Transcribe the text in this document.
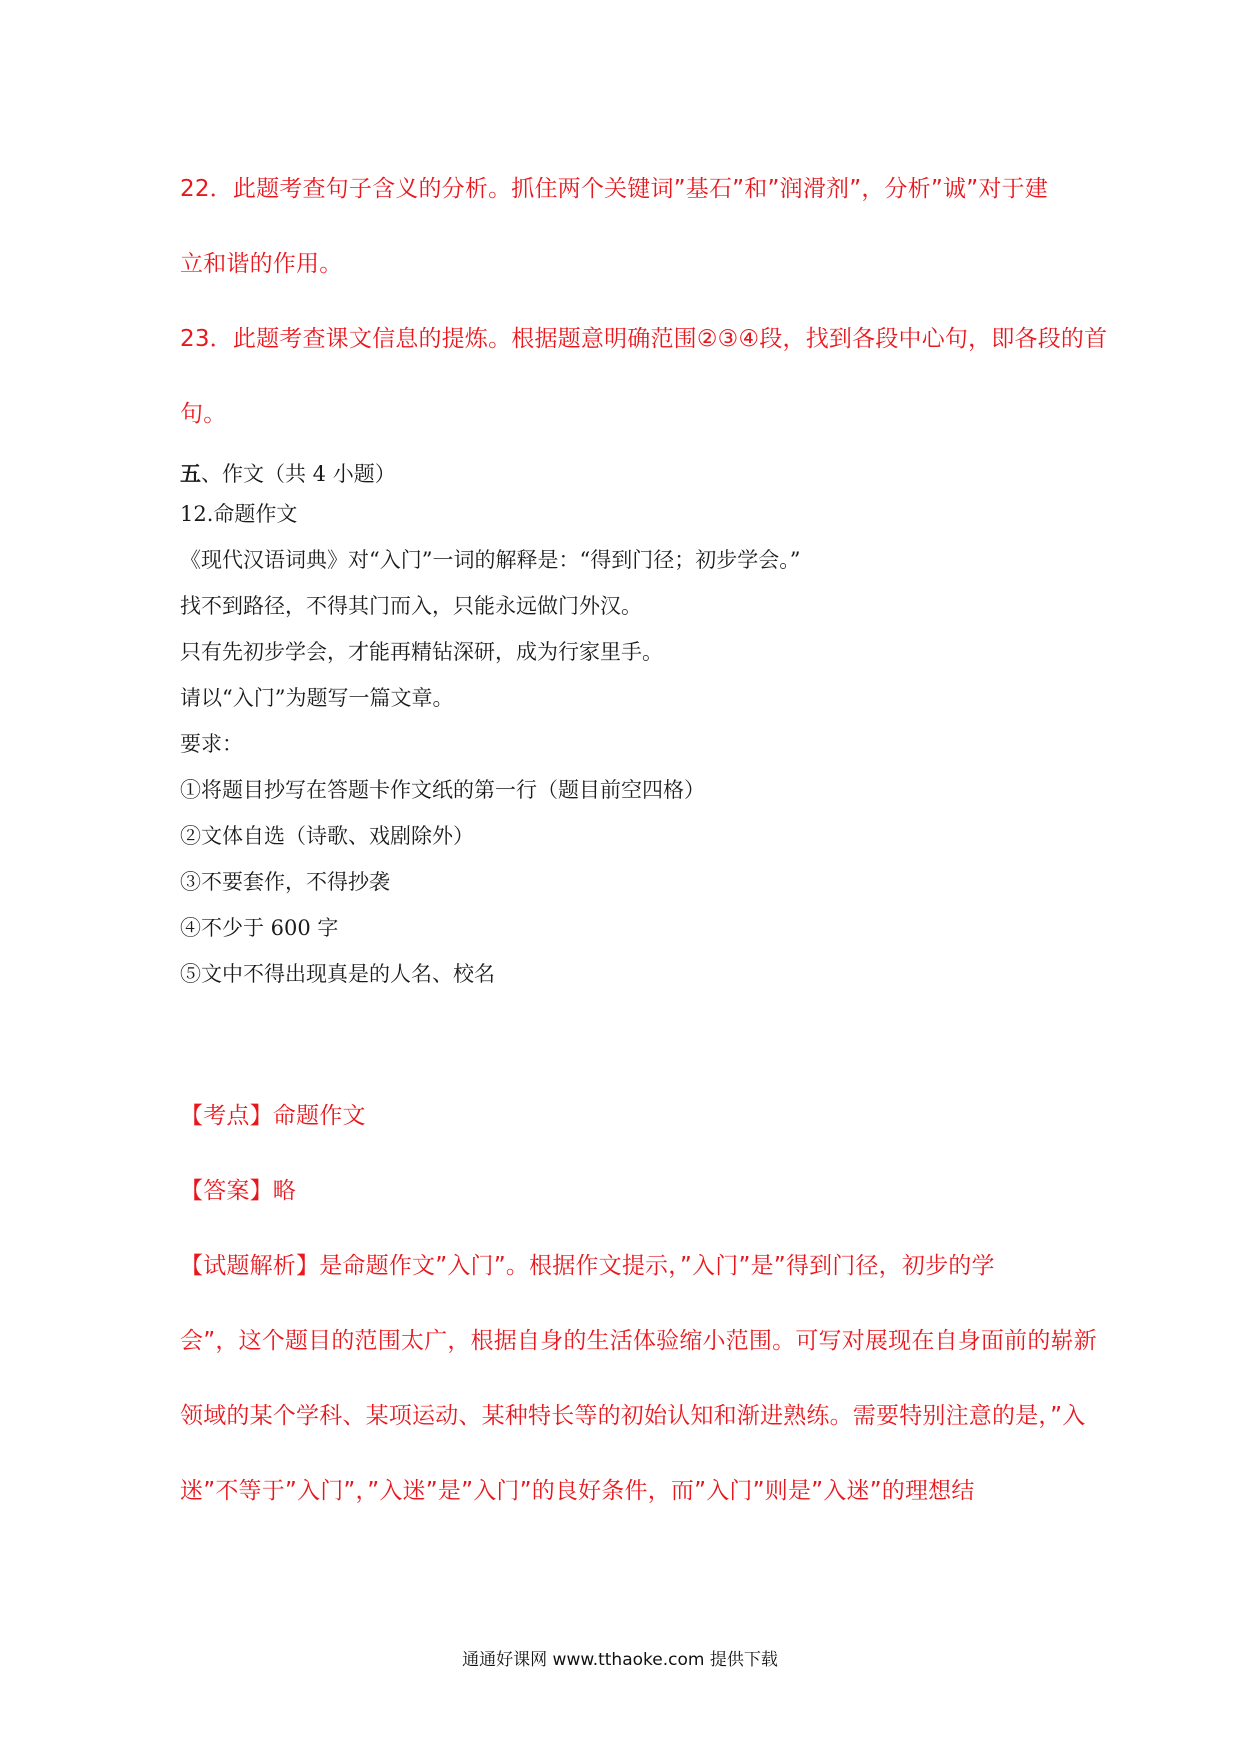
22．此题考查句子含义的分析。抓住两个关键词”基石”和”润滑剂”，分析”诚”对于建
立和谐的作用。
23．此题考查课文信息的提炼。根据题意明确范围②③④段，找到各段中心句，即各段的首
句。
五、作文（共 4 小题）
12.命题作文
《现代汉语词典》对“入门”一词的解释是：“得到门径；初步学会。”
找不到路径，不得其门而入，只能永远做门外汉。
只有先初步学会，才能再精钻深研，成为行家里手。
请以“入门”为题写一篇文章。
要求：
①将题目抄写在答题卡作文纸的第一行（题目前空四格）
②文体自选（诗歌、戏剧除外）
③不要套作，不得抄袭
④不少于 600 字
⑤文中不得出现真是的人名、校名
【考点】命题作文
【答案】略
【试题解析】是命题作文”入门”。根据作文提示，”入门”是”得到门径，初步的学
会”，这个题目的范围太广，根据自身的生活体验缩小范围。可写对展现在自身面前的崭新
领域的某个学科、某项运动、某种特长等的初始认知和渐进熟练。需要特别注意的是，”入
迷”不等于”入门”，”入迷”是”入门”的良好条件，而”入门”则是”入迷”的理想结
通通好课网 www.tthaoke.com 提供下载
